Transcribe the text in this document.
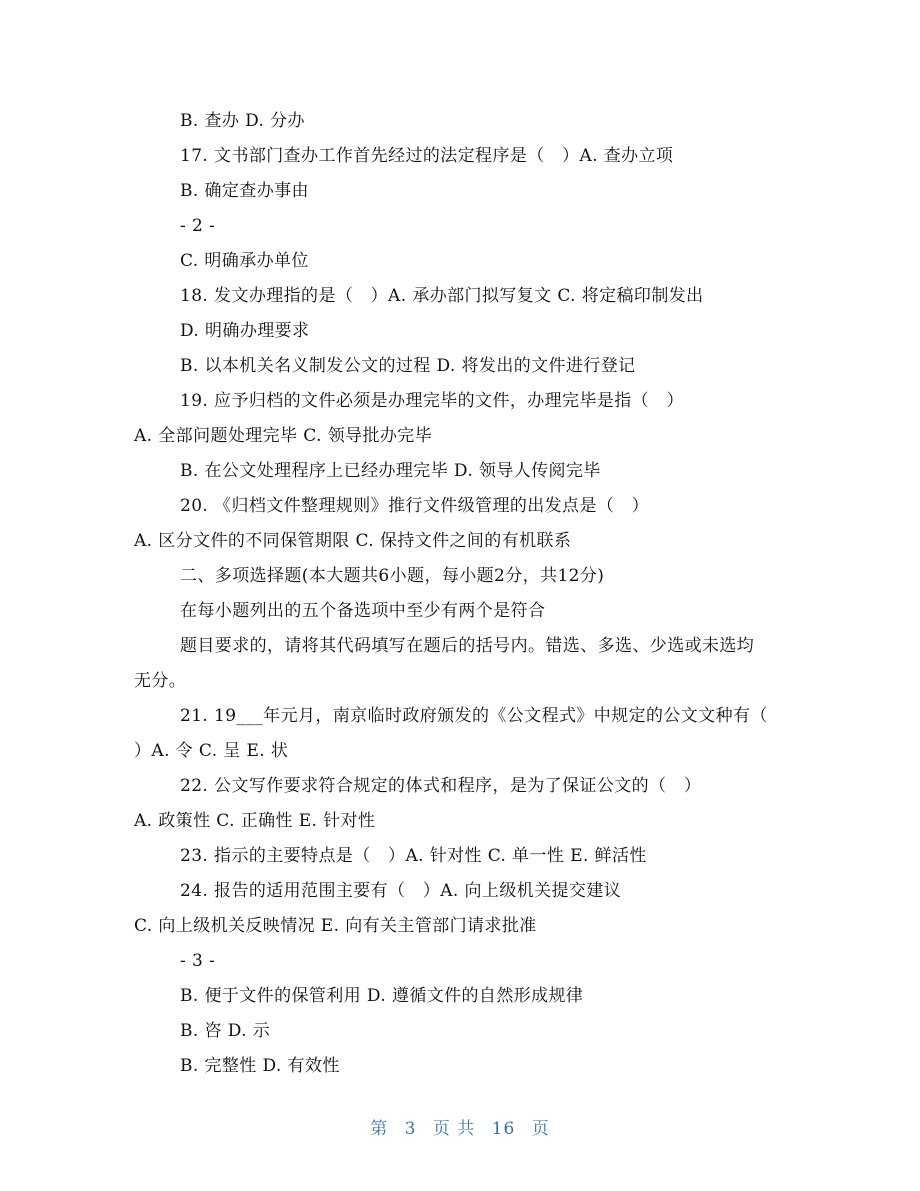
B. 查办 D. 分办
17. 文书部门查办工作首先经过的法定程序是（　）A. 查办立项
B. 确定查办事由
- 2 -
C. 明确承办单位
18. 发文办理指的是（　）A. 承办部门拟写复文 C. 将定稿印制发出
D. 明确办理要求
B. 以本机关名义制发公文的过程 D. 将发出的文件进行登记
19. 应予归档的文件必须是办理完毕的文件，办理完毕是指（　）
A. 全部问题处理完毕 C. 领导批办完毕
B. 在公文处理程序上已经办理完毕 D. 领导人传阅完毕
20. 《归档文件整理规则》推行文件级管理的出发点是（　）
A. 区分文件的不同保管期限 C. 保持文件之间的有机联系
二、多项选择题(本大题共6小题，每小题2分，共12分)
在每小题列出的五个备选项中至少有两个是符合
题目要求的，请将其代码填写在题后的括号内。错选、多选、少选或未选均
无分。
21. 19___年元月，南京临时政府颁发的《公文程式》中规定的公文文种有（
）A. 令 C. 呈 E. 状
22. 公文写作要求符合规定的体式和程序，是为了保证公文的（　）
A. 政策性 C. 正确性 E. 针对性
23. 指示的主要特点是（　）A. 针对性 C. 单一性 E. 鲜活性
24. 报告的适用范围主要有（　）A. 向上级机关提交建议
C. 向上级机关反映情况 E. 向有关主管部门请求批准
- 3 -
B. 便于文件的保管利用 D. 遵循文件的自然形成规律
B. 咨 D. 示
B. 完整性 D. 有效性
第 3 页 共 16 页
